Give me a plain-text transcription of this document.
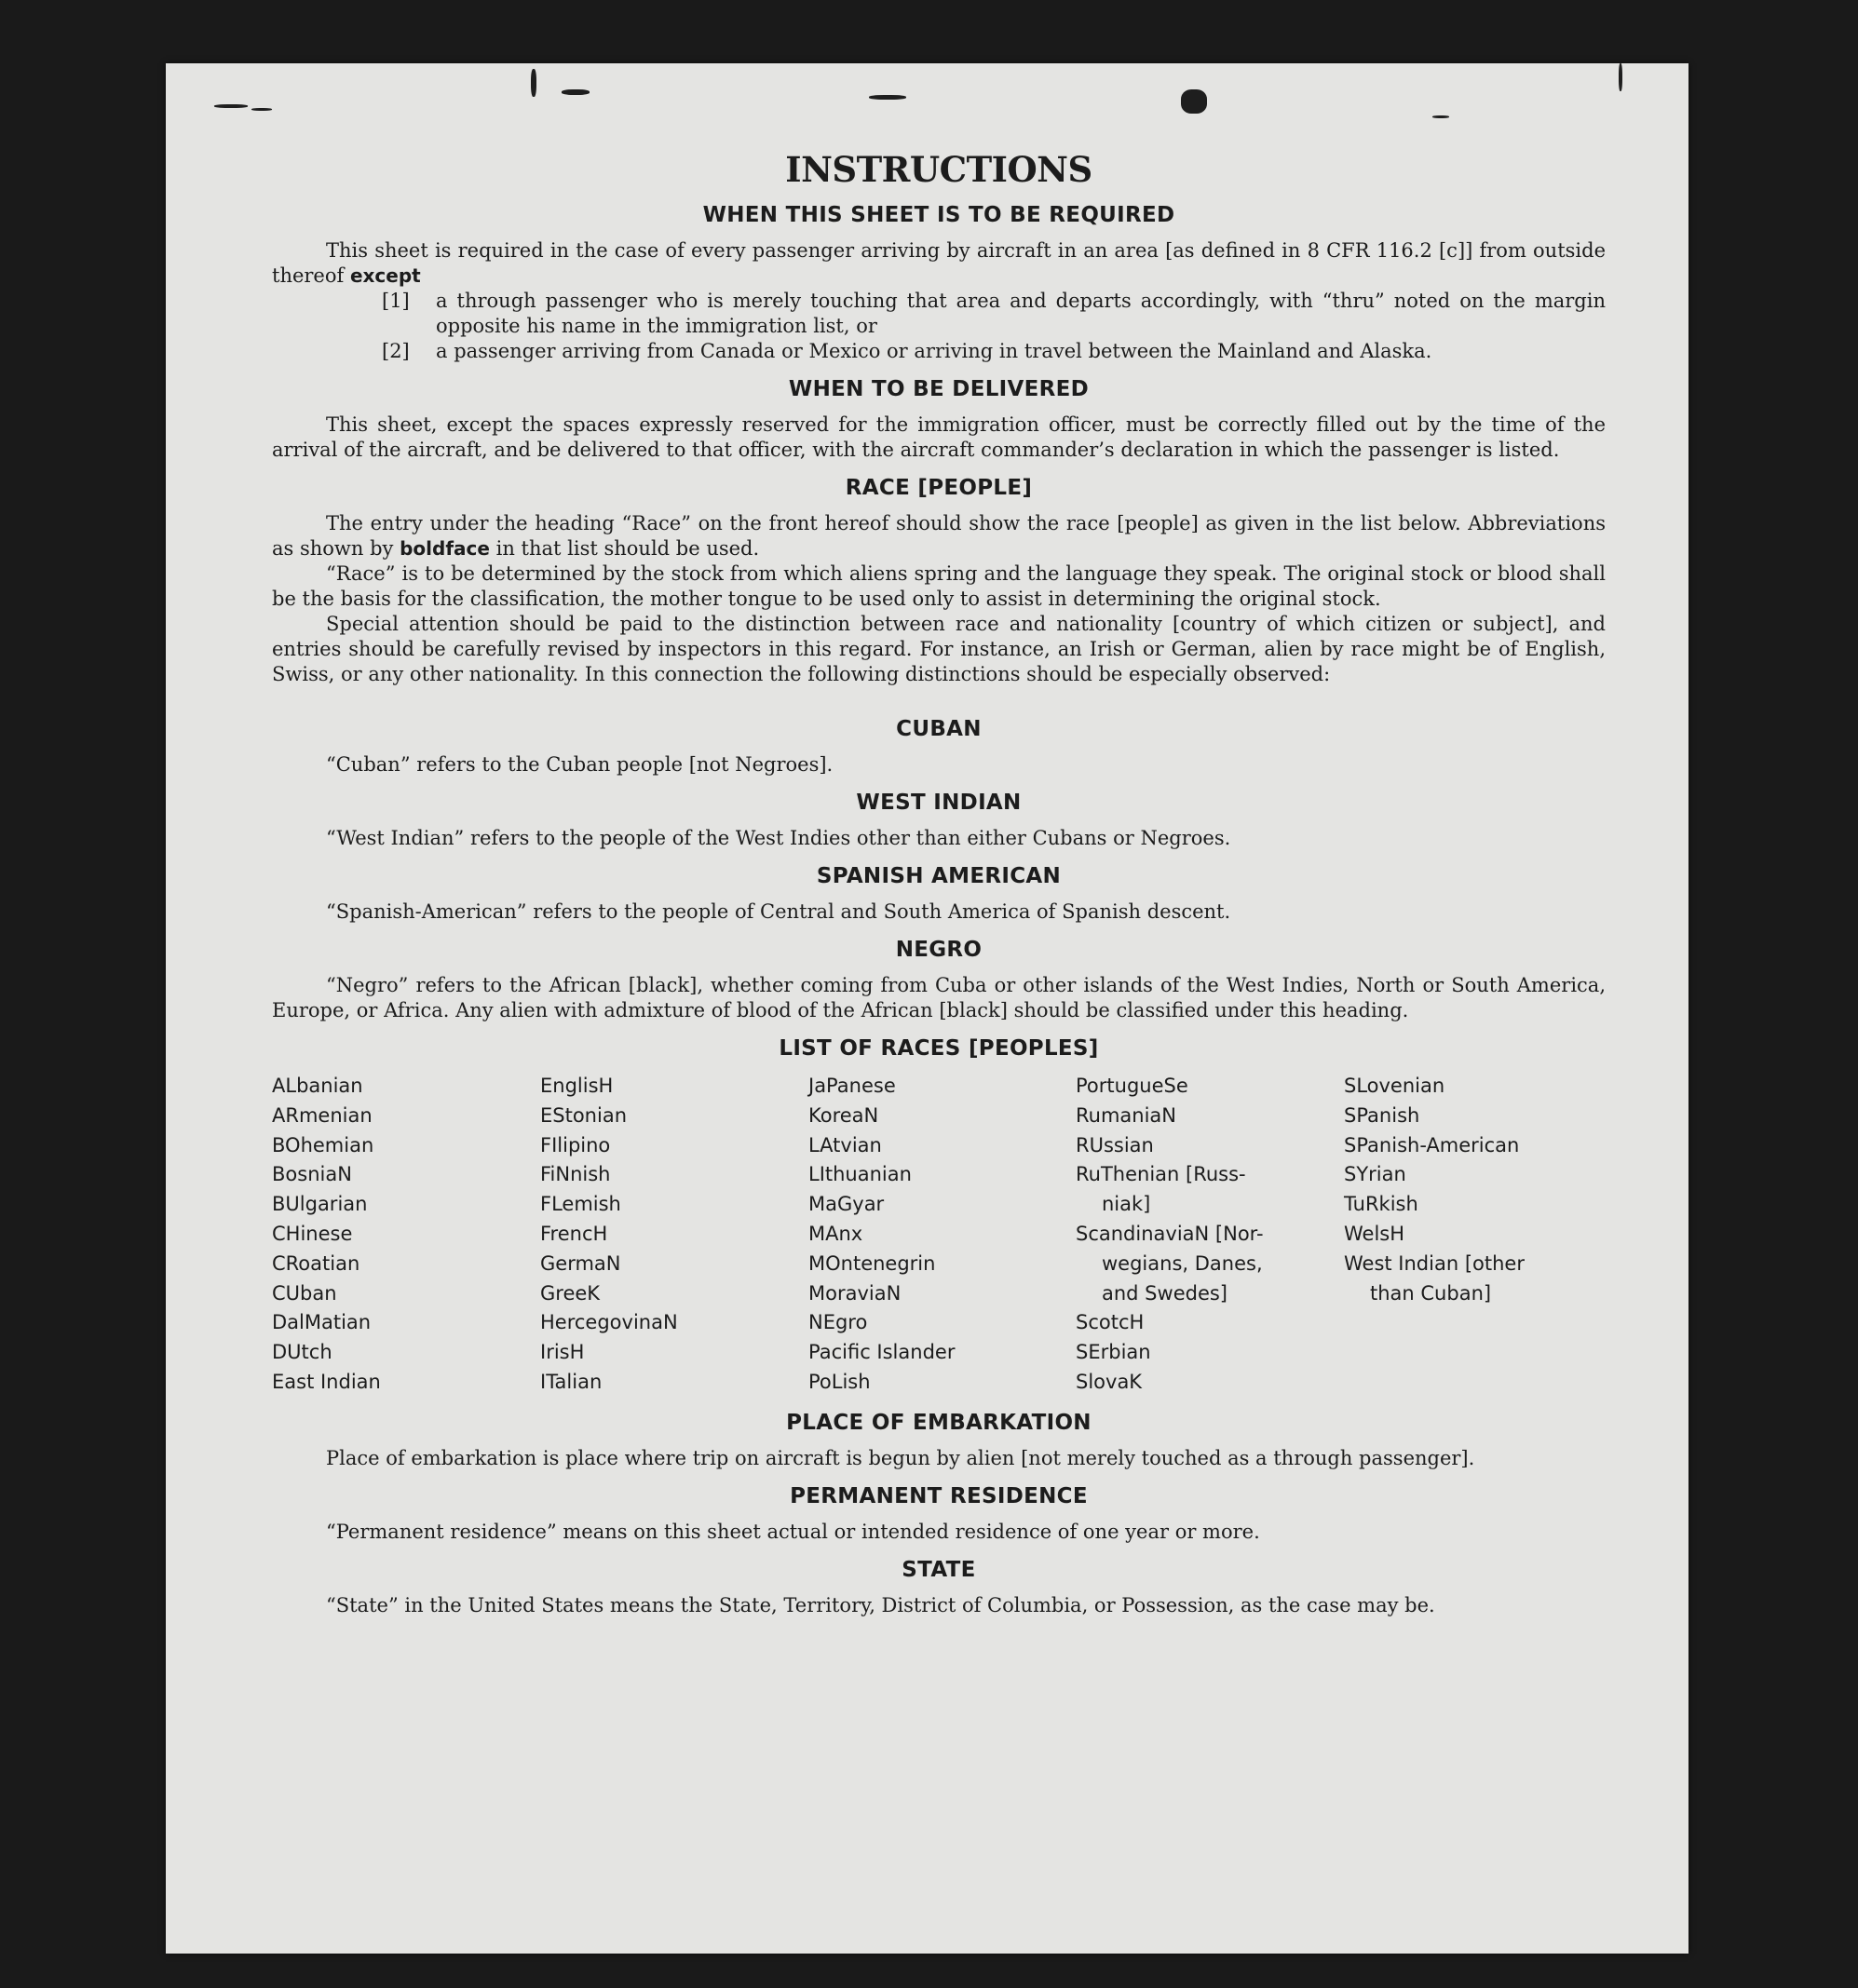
INSTRUCTIONS
WHEN THIS SHEET IS TO BE REQUIRED

This sheet is required in the case of every passenger arriving by aircraft in an area [as defined in 8 CFR 116.2 [c]] from outside thereof except

[1]	a through passenger who is merely touching that area and departs accordingly, with “thru” noted on the margin opposite his name in the immigration list, or
[2]	a passenger arriving from Canada or Mexico or arriving in travel between the Mainland and Alaska.
WHEN TO BE DELIVERED

This sheet, except the spaces expressly reserved for the immigration officer, must be correctly filled out by the time of the arrival of the aircraft, and be delivered to that officer, with the aircraft commander’s declaration in which the passenger is listed.

RACE [PEOPLE]

The entry under the heading “Race” on the front hereof should show the race [people] as given in the list below. Abbreviations as shown by boldface in that list should be used.

“Race” is to be determined by the stock from which aliens spring and the language they speak. The original stock or blood shall be the basis for the classification, the mother tongue to be used only to assist in determining the original stock.

Special attention should be paid to the distinction between race and nationality [country of which citizen or subject], and entries should be carefully revised by inspectors in this regard. For instance, an Irish or German, alien by race might be of English, Swiss, or any other nationality. In this connection the following distinctions should be especially observed:

CUBAN

“Cuban” refers to the Cuban people [not Negroes].

WEST INDIAN

“West Indian” refers to the people of the West Indies other than either Cubans or Negroes.

SPANISH AMERICAN

“Spanish-American” refers to the people of Central and South America of Spanish descent.

NEGRO

“Negro” refers to the African [black], whether coming from Cuba or other islands of the West Indies, North or South America, Europe, or Africa. Any alien with admixture of blood of the African [black] should be classified under this heading.

LIST OF RACES [PEOPLES]
ALbanian
ARmenian
BOhemian
BosniaN
BUlgarian
CHinese
CRoatian
CUban
DalMatian
DUtch
East Indian
EnglisH
EStonian
FIlipino
FiNnish
FLemish
FrencH
GermaN
GreeK
HercegovinaN
IrisH
ITalian
JaPanese
KoreaN
LAtvian
LIthuanian
MaGyar
MAnx
MOntenegrin
MoraviaN
NEgro
Pacific Islander
PoLish
PortugueSe
RumaniaN
RUssian
RuThenian [Russ-
niak]
ScandinaviaN [Nor-
wegians, Danes,
and Swedes]
ScotcH
SErbian
SlovaK
SLovenian
SPanish
SPanish-American
SYrian
TuRkish
WelsH
West Indian [other
than Cuban]
PLACE OF EMBARKATION

Place of embarkation is place where trip on aircraft is begun by alien [not merely touched as a through passenger].

PERMANENT RESIDENCE

“Permanent residence” means on this sheet actual or intended residence of one year or more.

STATE

“State” in the United States means the State, Territory, District of Columbia, or Possession, as the case may be.
